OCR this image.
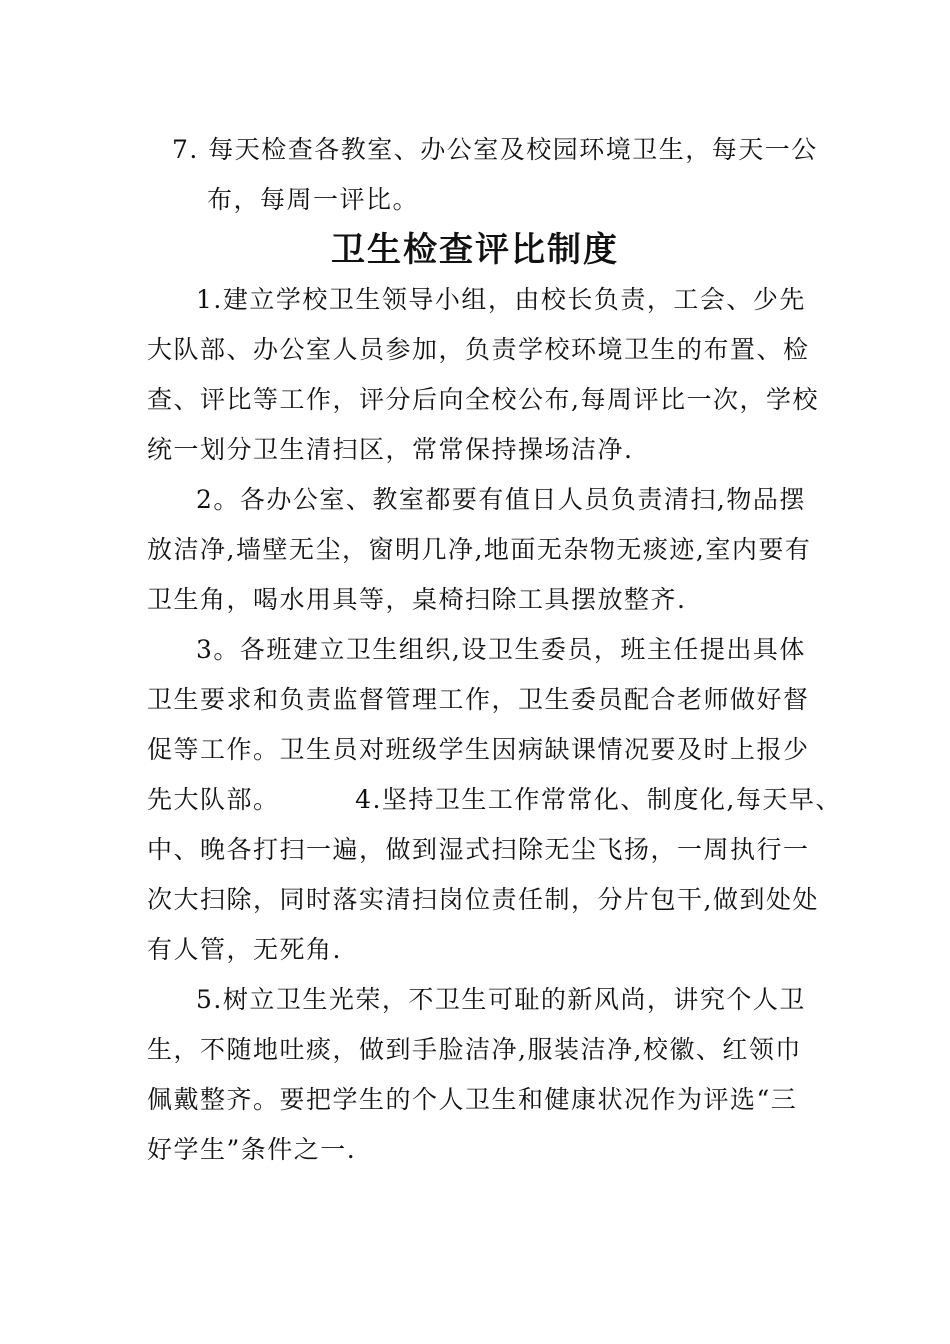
7. 每天检查各教室、办公室及校园环境卫生，每天一公
布，每周一评比。
卫生检查评比制度
1.建立学校卫生领导小组，由校长负责，工会、少先
大队部、办公室人员参加，负责学校环境卫生的布置、检
查、评比等工作，评分后向全校公布,每周评比一次，学校
统一划分卫生清扫区，常常保持操场洁净.
2。各办公室、教室都要有值日人员负责清扫,物品摆
放洁净,墙壁无尘，窗明几净,地面无杂物无痰迹,室内要有
卫生角，喝水用具等，桌椅扫除工具摆放整齐.
3。各班建立卫生组织,设卫生委员，班主任提出具体
卫生要求和负责监督管理工作，卫生委员配合老师做好督
促等工作。卫生员对班级学生因病缺课情况要及时上报少
先大队部。        4.坚持卫生工作常常化、制度化,每天早、
中、晚各打扫一遍，做到湿式扫除无尘飞扬，一周执行一
次大扫除，同时落实清扫岗位责任制，分片包干,做到处处
有人管，无死角.
5.树立卫生光荣，不卫生可耻的新风尚，讲究个人卫
生，不随地吐痰，做到手脸洁净,服装洁净,校徽、红领巾
佩戴整齐。要把学生的个人卫生和健康状况作为评选“三
好学生”条件之一.
